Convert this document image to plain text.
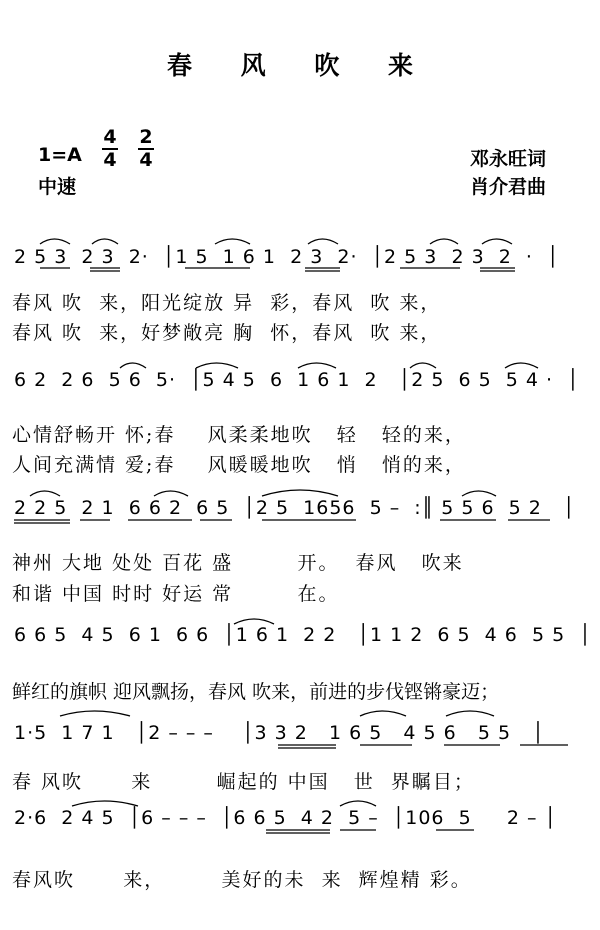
春 风 吹 来
1=A
4
4
2
4
中速
邓永旺词
肖介君曲
2 5 3  2 3  2·  │1 5  1 6 1  2 3  2·  │2 5 3  2 3  2  ·  │
春风 吹  来，阳光绽放 异  彩，春风  吹 来，
春风 吹  来，好梦敞亮 胸  怀，春风  吹 来，
6 2  2 6  5 6  5·  │5 4 5  6  1 6 1  2   │2 5  6 5  5 4 ·  │
心情舒畅开 怀;春    风柔柔地吹   轻   轻的来，
人间充满情 爱;春    风暖暖地吹   悄   悄的来，
2 2 5  2 1  6 6 2  6 5  │2 5  1656  5 –  :║ 5 5 6  5 2   │
神州 大地 处处 百花 盛        开。  春风   吹来
和谐 中国 时时 好运 常        在。
6 6 5  4 5  6 1  6 6  │1 6 1  2 2   │1 1 2  6 5  4 6  5 5  │
鲜红的旗帜 迎风飘扬，春风 吹来，前进的步伐铿锵豪迈；
1·5  1 7 1   │2 – – –    │3 3 2   1 6 5   4 5 6   5 5   │
春 风吹      来        崛起的 中国   世  界瞩目；
2·6  2 4 5  │6 – – –  │6 6 5  4 2  5 –  │106  5     2 – │
春风吹      来，       美好的未  来  辉煌精 彩。
